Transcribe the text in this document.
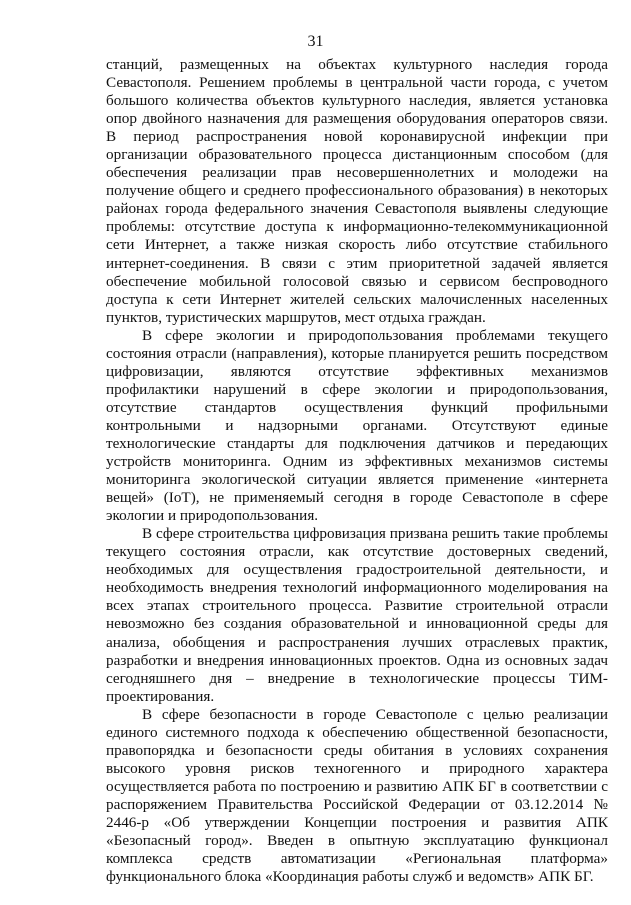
31

станций, размещенных на объектах культурного наследия города Севастополя. Решением проблемы в центральной части города, с учетом большого количества объектов культурного наследия, является установка опор двойного назначения для размещения оборудования операторов связи. В период распространения новой коронавирусной инфекции при организации образовательного процесса дистанционным способом (для обеспечения реализации прав несовершеннолетних и молодежи на получение общего и среднего профессионального образования) в некоторых районах города федерального значения Севастополя выявлены следующие проблемы: отсутствие доступа к информационно-телекоммуникационной сети Интернет, а также низкая скорость либо отсутствие стабильного интернет-соединения. В связи с этим приоритетной задачей является обеспечение мобильной голосовой связью и сервисом беспроводного доступа к сети Интернет жителей сельских малочисленных населенных пунктов, туристических маршрутов, мест отдыха граждан.

В сфере экологии и природопользования проблемами текущего состояния отрасли (направления), которые планируется решить посредством цифровизации, являются отсутствие эффективных механизмов профилактики нарушений в сфере экологии и природопользования, отсутствие стандартов осуществления функций профильными контрольными и надзорными органами. Отсутствуют единые технологические стандарты для подключения датчиков и передающих устройств мониторинга. Одним из эффективных механизмов системы мониторинга экологической ситуации является применение «интернета вещей» (IoT), не применяемый сегодня в городе Севастополе в сфере экологии и природопользования.

В сфере строительства цифровизация призвана решить такие проблемы текущего состояния отрасли, как отсутствие достоверных сведений, необходимых для осуществления градостроительной деятельности, и необходимость внедрения технологий информационного моделирования на всех этапах строительного процесса. Развитие строительной отрасли невозможно без создания образовательной и инновационной среды для анализа, обобщения и распространения лучших отраслевых практик, разработки и внедрения инновационных проектов. Одна из основных задач сегодняшнего дня – внедрение в технологические процессы ТИМ-проектирования.

В сфере безопасности в городе Севастополе с целью реализации единого системного подхода к обеспечению общественной безопасности, правопорядка и безопасности среды обитания в условиях сохранения высокого уровня рисков техногенного и природного характера осуществляется работа по построению и развитию АПК БГ в соответствии с распоряжением Правительства Российской Федерации от 03.12.2014 № 2446-р «Об утверждении Концепции построения и развития АПК «Безопасный город». Введен в опытную эксплуатацию функционал комплекса средств автоматизации «Региональная платформа» функционального блока «Координация работы служб и ведомств» АПК БГ.
